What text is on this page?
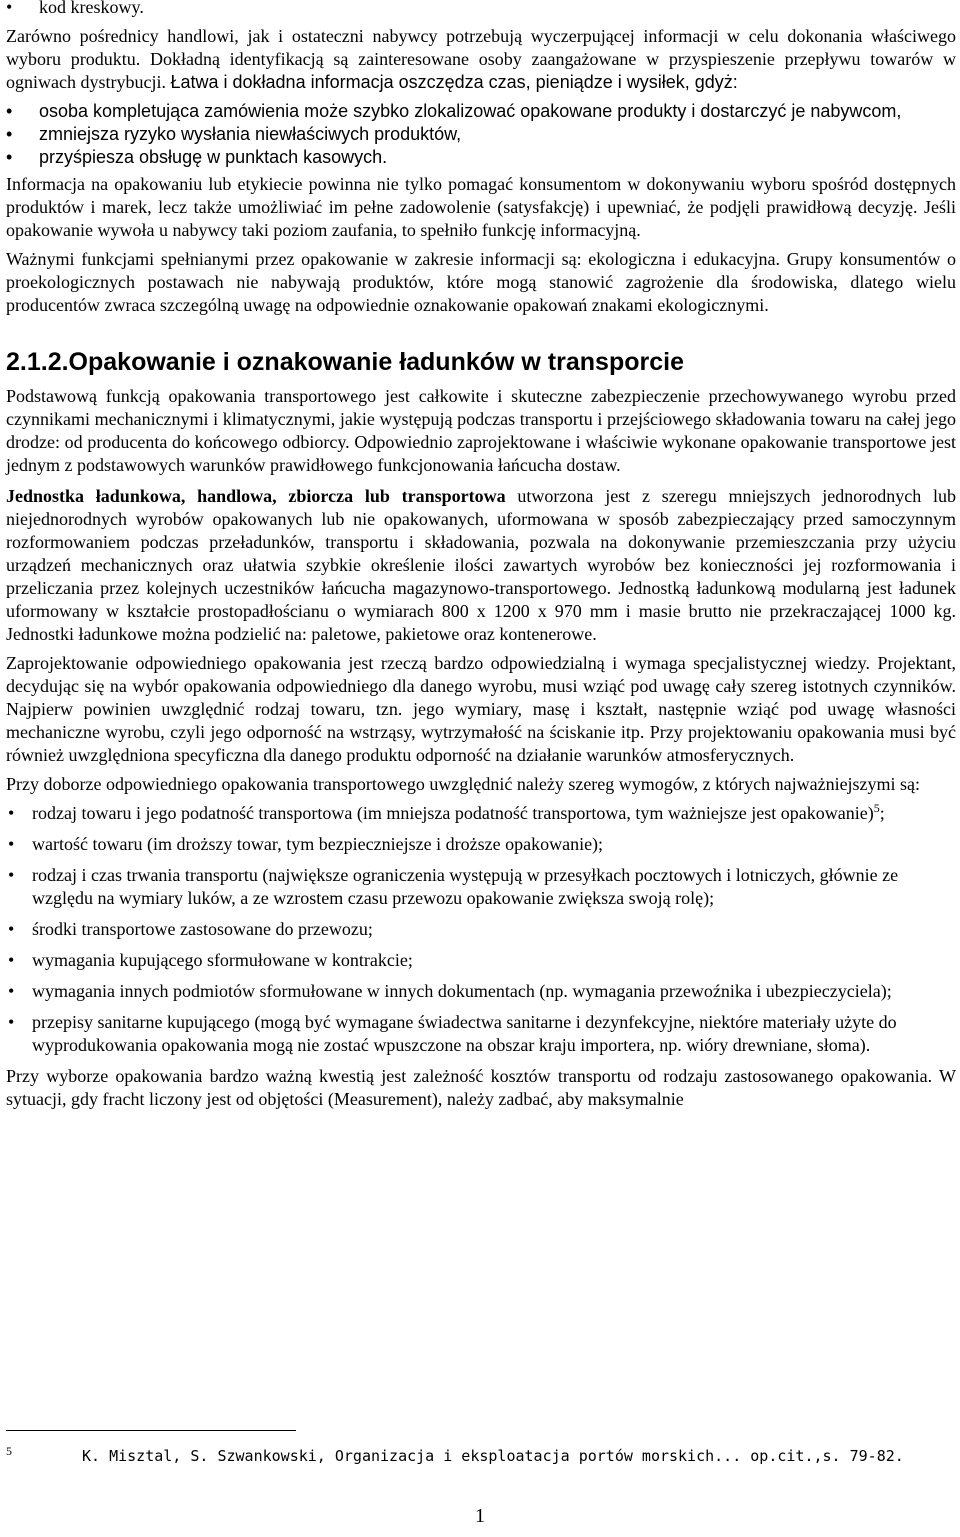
• kod kreskowy.

Zarówno pośrednicy handlowi, jak i ostateczni nabywcy potrzebują wyczerpującej informacji w celu dokonania właściwego wyboru produktu. Dokładną identyfikacją są zainteresowane osoby zaangażowane w przyspieszenie przepływu towarów w ogniwach dystrybucji. Łatwa i dokładna informacja oszczędza czas, pieniądze i wysiłek, gdyż:

• osoba kompletująca zamówienia może szybko zlokalizować opakowane produkty i dostarczyć je nabywcom,
• zmniejsza ryzyko wysłania niewłaściwych produktów,
• przyśpiesza obsługę w punktach kasowych.

Informacja na opakowaniu lub etykiecie powinna nie tylko pomagać konsumentom w dokonywaniu wyboru spośród dostępnych produktów i marek, lecz także umożliwiać im pełne zadowolenie (satysfakcję) i upewniać, że podjęli prawidłową decyzję. Jeśli opakowanie wywoła u nabywcy taki poziom zaufania, to spełniło funkcję informacyjną.

Ważnymi funkcjami spełnianymi przez opakowanie w zakresie informacji są: ekologiczna i edukacyjna. Grupy konsumentów o proekologicznych postawach nie nabywają produktów, które mogą stanowić zagrożenie dla środowiska, dlatego wielu producentów zwraca szczególną uwagę na odpowiednie oznakowanie opakowań znakami ekologicznymi.

2.1.2.Opakowanie i oznakowanie ładunków w transporcie

Podstawową funkcją opakowania transportowego jest całkowite i skuteczne zabezpieczenie przechowywanego wyrobu przed czynnikami mechanicznymi i klimatycznymi, jakie występują podczas transportu i przejściowego składowania towaru na całej jego drodze: od producenta do końcowego odbiorcy. Odpowiednio zaprojektowane i właściwie wykonane opakowanie transportowe jest jednym z podstawowych warunków prawidłowego funkcjonowania łańcucha dostaw.

Jednostka ładunkowa, handlowa, zbiorcza lub transportowa utworzona jest z szeregu mniejszych jednorodnych lub niejednorodnych wyrobów opakowanych lub nie opakowanych, uformowana w sposób zabezpieczający przed samoczynnym rozformowaniem podczas przeładunków, transportu i składowania, pozwala na dokonywanie przemieszczania przy użyciu urządzeń mechanicznych oraz ułatwia szybkie określenie ilości zawartych wyrobów bez konieczności jej rozformowania i przeliczania przez kolejnych uczestników łańcucha magazynowo-transportowego. Jednostką ładunkową modularną jest ładunek uformowany w kształcie prostopadłościanu o wymiarach 800 x 1200 x 970 mm i masie brutto nie przekraczającej 1000 kg. Jednostki ładunkowe można podzielić na: paletowe, pakietowe oraz kontenerowe.

Zaprojektowanie odpowiedniego opakowania jest rzeczą bardzo odpowiedzialną i wymaga specjalistycznej wiedzy. Projektant, decydując się na wybór opakowania odpowiedniego dla danego wyrobu, musi wziąć pod uwagę cały szereg istotnych czynników. Najpierw powinien uwzględnić rodzaj towaru, tzn. jego wymiary, masę i kształt, następnie wziąć pod uwagę własności mechaniczne wyrobu, czyli jego odporność na wstrząsy, wytrzymałość na ściskanie itp. Przy projektowaniu opakowania musi być również uwzględniona specyficzna dla danego produktu odporność na działanie warunków atmosferycznych.

Przy doborze odpowiedniego opakowania transportowego uwzględnić należy szereg wymogów, z których najważniejszymi są:

• rodzaj towaru i jego podatność transportowa (im mniejsza podatność transportowa, tym ważniejsze jest opakowanie)$^5$;
• wartość towaru (im droższy towar, tym bezpieczniejsze i droższe opakowanie);
• rodzaj i czas trwania transportu (największe ograniczenia występują w przesyłkach pocztowych i lotniczych, głównie ze względu na wymiary luków, a ze wzrostem czasu przewozu opakowanie zwiększa swoją rolę);
• środki transportowe zastosowane do przewozu;
• wymagania kupującego sformułowane w kontrakcie;
• wymagania innych podmiotów sformułowane w innych dokumentach (np. wymagania przewoźnika i ubezpieczyciela);
• przepisy sanitarne kupującego (mogą być wymagane świadectwa sanitarne i dezynfekcyjne, niektóre materiały użyte do wyprodukowania opakowania mogą nie zostać wpuszczone na obszar kraju importera, np. wióry drewniane, słoma).

Przy wyborze opakowania bardzo ważną kwestią jest zależność kosztów transportu od rodzaju zastosowanego opakowania. W sytuacji, gdy fracht liczony jest od objętości (Measurement), należy zadbać, aby maksymalnie

5	K. Misztal, S. Szwankowski, Organizacja i eksploatacja portów morskich... op.cit.,s. 79-82.
1
